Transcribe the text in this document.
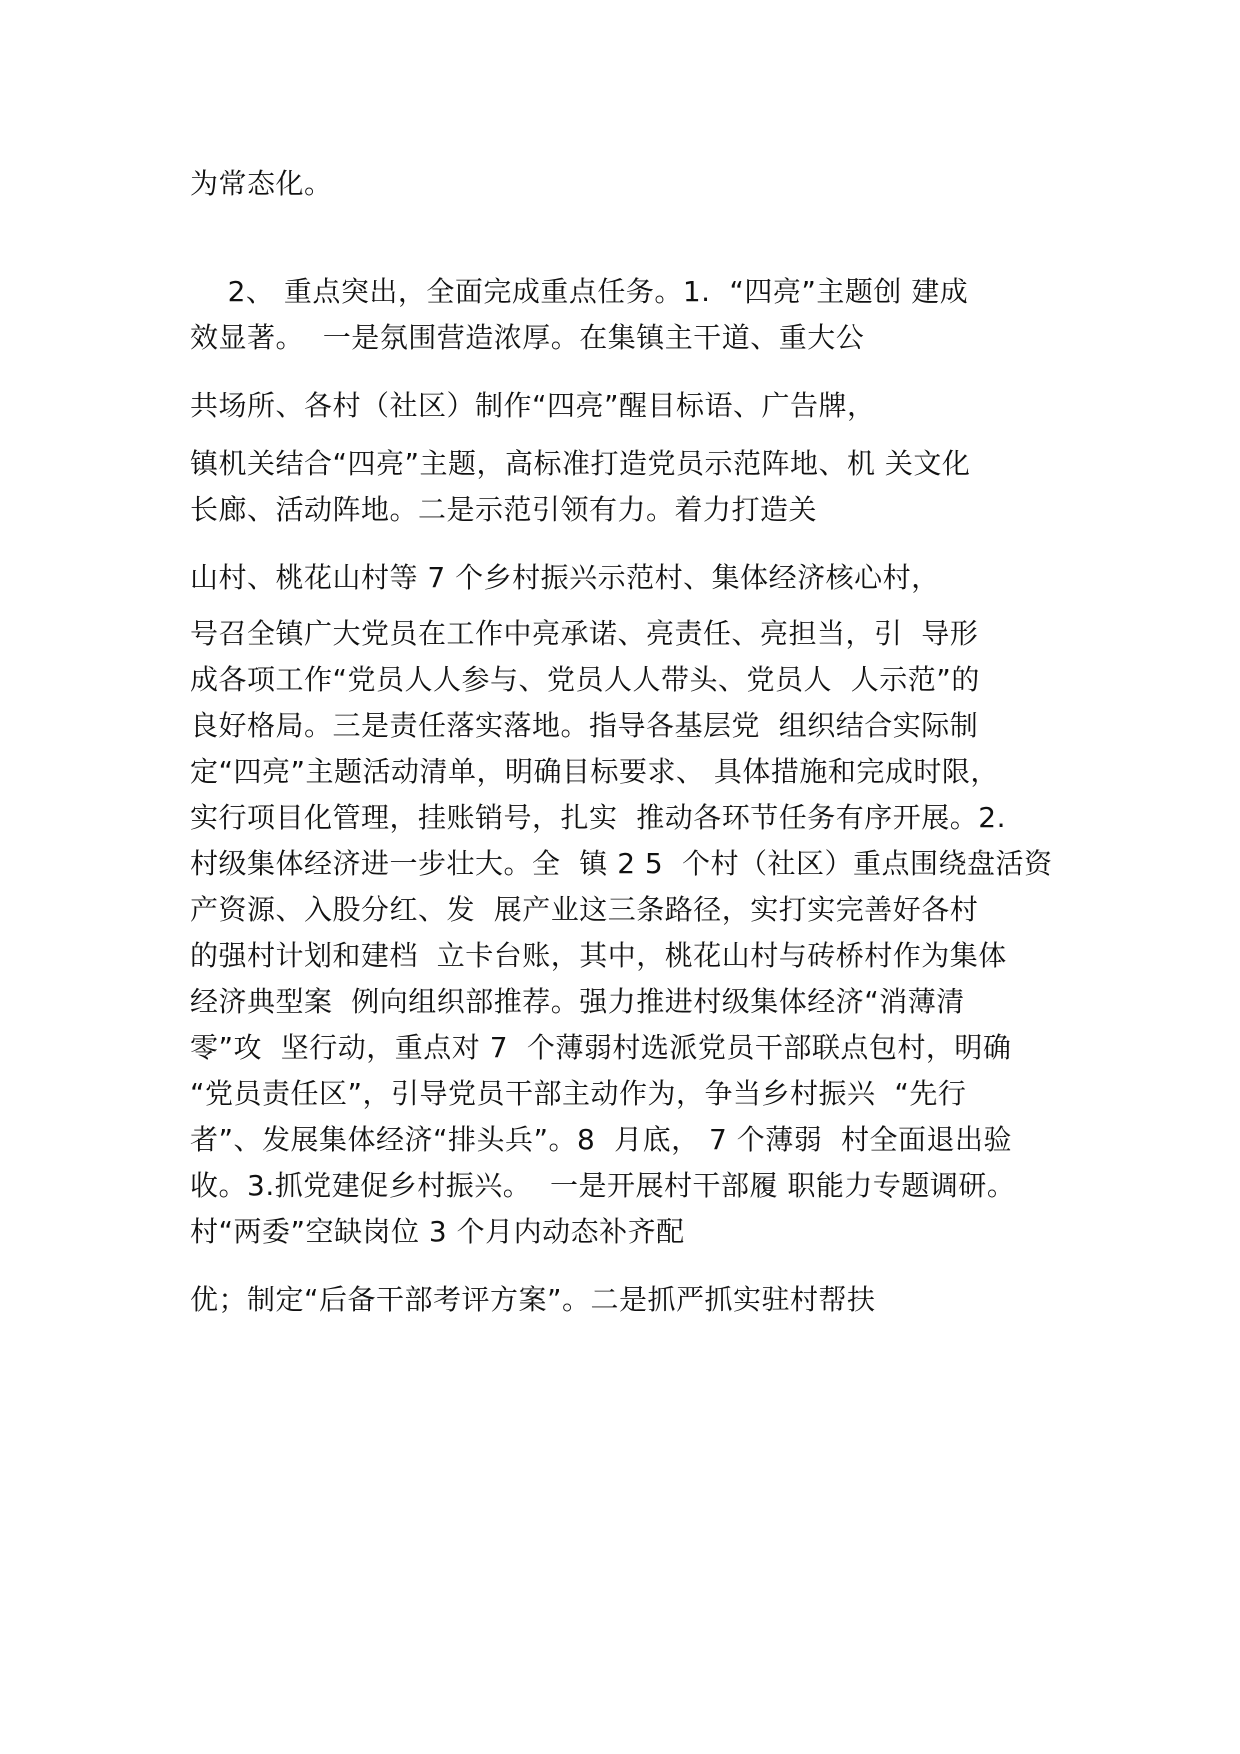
为常态化。
2、 重点突出，全面完成重点任务。1.  “四亮”主题创 建成
效显著。  一是氛围营造浓厚。在集镇主干道、重大公
共场所、各村（社区）制作“四亮”醒目标语、广告牌，
镇机关结合“四亮”主题，高标准打造党员示范阵地、机 关文化
长廊、活动阵地。二是示范引领有力。着力打造关
山村、桃花山村等 7 个乡村振兴示范村、集体经济核心村，
号召全镇广大党员在工作中亮承诺、亮责任、亮担当，引  导形
成各项工作“党员人人参与、党员人人带头、党员人  人示范”的
良好格局。三是责任落实落地。指导各基层党  组织结合实际制
定“四亮”主题活动清单，明确目标要求、 具体措施和完成时限，
实行项目化管理，挂账销号，扎实  推动各环节任务有序开展。2.
村级集体经济进一步壮大。全  镇 2 5  个村（社区）重点围绕盘活资
产资源、入股分红、发  展产业这三条路径，实打实完善好各村
的强村计划和建档  立卡台账，其中，桃花山村与砖桥村作为集体
经济典型案  例向组织部推荐。强力推进村级集体经济“消薄清
零”攻  坚行动，重点对 7  个薄弱村选派党员干部联点包村，明确
“党员责任区”，引导党员干部主动作为，争当乡村振兴  “先行
者”、发展集体经济“排头兵”。8  月底， 7 个薄弱  村全面退出验
收。3.抓党建促乡村振兴。  一是开展村干部履 职能力专题调研。
村“两委”空缺岗位 3 个月内动态补齐配
优；制定“后备干部考评方案”。二是抓严抓实驻村帮扶
